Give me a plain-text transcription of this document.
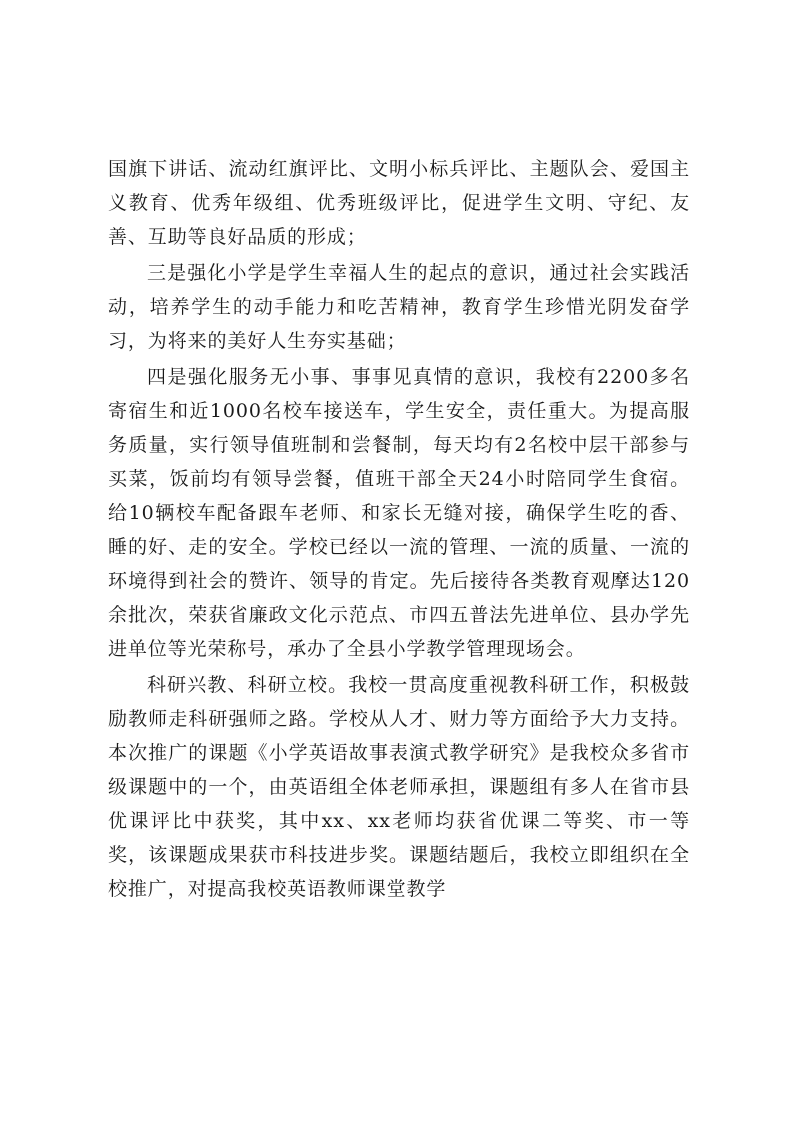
国旗下讲话、流动红旗评比、文明小标兵评比、主题队会、爱国主义教育、优秀年级组、优秀班级评比，促进学生文明、守纪、友善、互助等良好品质的形成；

三是强化小学是学生幸福人生的起点的意识，通过社会实践活动，培养学生的动手能力和吃苦精神，教育学生珍惜光阴发奋学习，为将来的美好人生夯实基础；

四是强化服务无小事、事事见真情的意识，我校有2200多名寄宿生和近1000名校车接送车，学生安全，责任重大。为提高服务质量，实行领导值班制和尝餐制，每天均有2名校中层干部参与买菜，饭前均有领导尝餐，值班干部全天24小时陪同学生食宿。给10辆校车配备跟车老师、和家长无缝对接，确保学生吃的香、睡的好、走的安全。学校已经以一流的管理、一流的质量、一流的环境得到社会的赞许、领导的肯定。先后接待各类教育观摩达120余批次，荣获省廉政文化示范点、市四五普法先进单位、县办学先进单位等光荣称号，承办了全县小学教学管理现场会。

科研兴教、科研立校。我校一贯高度重视教科研工作，积极鼓励教师走科研强师之路。学校从人才、财力等方面给予大力支持。本次推广的课题《小学英语故事表演式教学研究》是我校众多省市级课题中的一个，由英语组全体老师承担，课题组有多人在省市县优课评比中获奖，其中xx、xx老师均获省优课二等奖、市一等奖，该课题成果获市科技进步奖。课题结题后，我校立即组织在全校推广，对提高我校英语教师课堂教学
